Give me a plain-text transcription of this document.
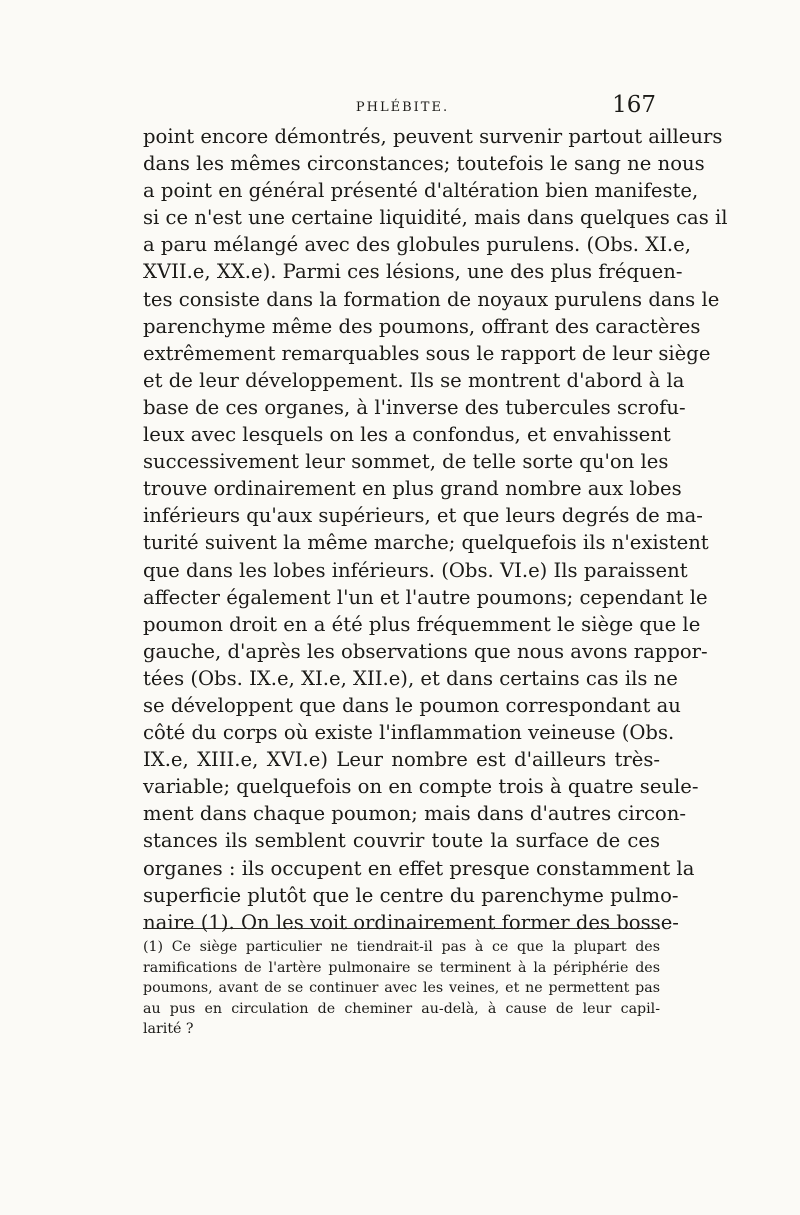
PHLÉBITE.	167
point encore démontrés, peuvent survenir partout ailleurs
dans les mêmes circonstances; toutefois le sang ne nous
a point en général présenté d'altération bien manifeste,
si ce n'est une certaine liquidité, mais dans quelques cas il
a paru mélangé avec des globules purulens. (Obs. XI.e,
XVII.e, XX.e). Parmi ces lésions, une des plus fréquen-
tes consiste dans la formation de noyaux purulens dans le
parenchyme même des poumons, offrant des caractères
extrêmement remarquables sous le rapport de leur siège
et de leur développement. Ils se montrent d'abord à la
base de ces organes, à l'inverse des tubercules scrofu-
leux avec lesquels on les a confondus, et envahissent
successivement leur sommet, de telle sorte qu'on les
trouve ordinairement en plus grand nombre aux lobes
inférieurs qu'aux supérieurs, et que leurs degrés de ma-
turité suivent la même marche; quelquefois ils n'existent
que dans les lobes inférieurs. (Obs. VI.e) Ils paraissent
affecter également l'un et l'autre poumons; cependant le
poumon droit en a été plus fréquemment le siège que le
gauche, d'après les observations que nous avons rappor-
tées (Obs. IX.e, XI.e, XII.e), et dans certains cas ils ne
se développent que dans le poumon correspondant au
côté du corps où existe l'inflammation veineuse (Obs.
IX.e, XIII.e, XVI.e) Leur nombre est d'ailleurs très-
variable; quelquefois on en compte trois à quatre seule-
ment dans chaque poumon; mais dans d'autres circon-
stances ils semblent couvrir toute la surface de ces
organes : ils occupent en effet presque constamment la
superficie plutôt que le centre du parenchyme pulmo-
naire (1). On les voit ordinairement former des bosse-
(1) Ce siège particulier ne tiendrait-il pas à ce que la plupart des
ramifications de l'artère pulmonaire se terminent à la périphérie des
poumons, avant de se continuer avec les veines, et ne permettent pas
au pus en circulation de cheminer au-delà, à cause de leur capil-
larité ?
